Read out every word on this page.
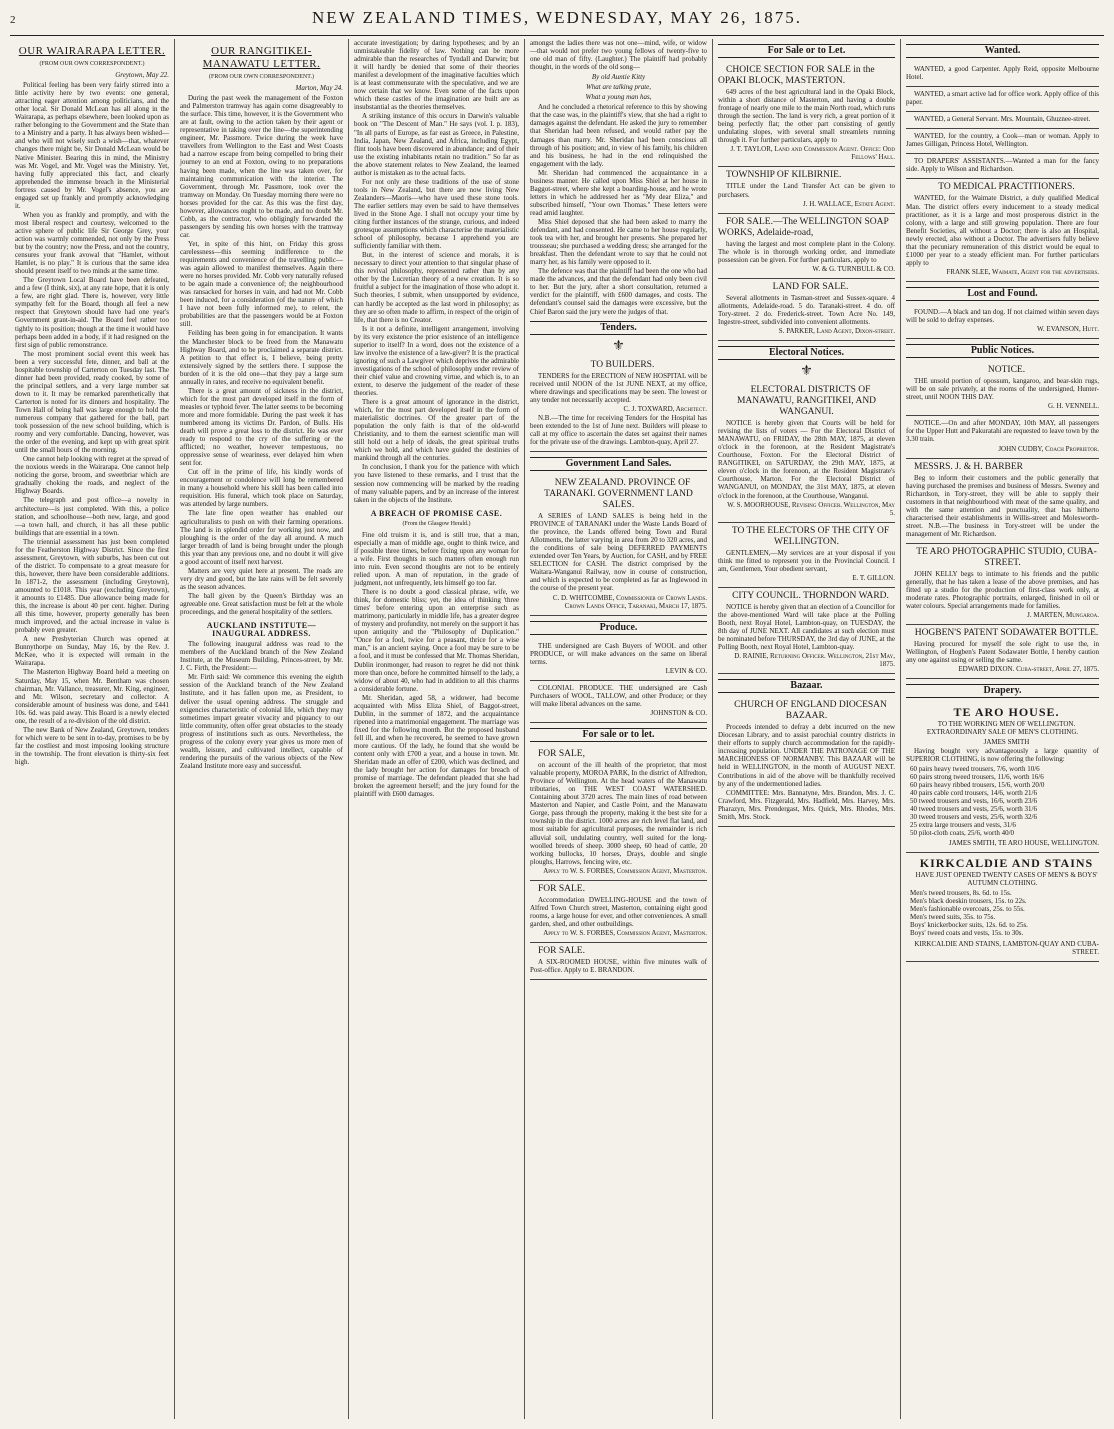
2	NEW ZEALAND TIMES, WEDNESDAY, MAY 26, 1875.
OUR WAIRARAPA LETTER.
(FROM OUR OWN CORRESPONDENT.)
Greytown, May 22.

Political feeling has been very fairly stirred into a little activity here by two events: one general, attracting eager attention among politicians, and the other local. Sir Donald McLean has all along in the Wairarapa, as perhaps elsewhere, been looked upon as rather belonging to the Government and the State than to a Ministry and a party. It has always been wished—and who will not wisely such a wish—that, whatever changes there might be, Sir Donald McLean would be Native Minister. Bearing this in mind, the Ministry was Mr. Vogel, and Mr. Vogel was the Ministry. Yet, having fully appreciated this fact, and clearly apprehended the immense breach in the Ministerial fortress caused by Mr. Vogel's absence, you are engaged set up frankly and promptly acknowledging it.

When you as frankly and promptly, and with the most liberal respect and courtesy, welcomed to the active sphere of public life Sir George Grey, your action was warmly commended, not only by the Press but by the country; now the Press, and not the country, censures your frank avowal that "Hamlet, without Hamlet, is no play." It is curious that the same idea should present itself to two minds at the same time.

The Greytown Local Board have been defeated, and a few (I think, six), at any rate hope, that it is only a few, are right glad. There is, however, very little sympathy felt for the Board, though all feel a new respect that Greytown should have had one year's Government grant-in-aid. The Board feel rather too tightly to its position; though at the time it would have perhaps been added in a body, if it had resigned on the first sign of public remonstrance.

The most prominent social event this week has been a very successful fete, dinner, and ball at the hospitable township of Carterton on Tuesday last. The dinner had been provided, ready cooked, by some of the principal settlers, and a very large number sat down to it. It may be remarked parenthetically that Carterton is noted for its dinners and hospitality. The Town Hall of being hall was large enough to hold the numerous company that gathered for the ball, part took possession of the new school building, which is roomy and very comfortable. Dancing, however, was the order of the evening, and kept up with great spirit until the small hours of the morning.

One cannot help looking with regret at the spread of the noxious weeds in the Wairarapa. One cannot help noticing the gorse, broom, and sweetbriar which are gradually choking the roads, and neglect of the Highway Boards.

The telegraph and post office—a novelty in architecture—is just completed. With this, a police station, and schoolhouse—both new, large, and good—a town hall, and church, it has all these public buildings that are essential in a town.

The triennial assessment has just been completed for the Featherston Highway District. Since the first assessment, Greytown, with suburbs, has been cut out of the district. To compensate to a great measure for this, however, there have been considerable additions. In 1871-2, the assessment (including Greytown), amounted to £1018. This year (excluding Greytown), it amounts to £1485. Due allowance being made for this, the increase is about 40 per cent. higher. During all this time, however, property generally has been much improved, and the actual increase in value is probably even greater.

A new Presbyterian Church was opened at Bunnythorpe on Sunday, May 16, by the Rev. J. McKee, who it is expected will remain in the Wairarapa.

The Masterton Highway Board held a meeting on Saturday, May 15, when Mr. Bentham was chosen chairman, Mr. Vallance, treasurer, Mr. King, engineer, and Mr. Wilson, secretary and collector. A considerable amount of business was done, and £441 10s. 6d. was paid away. This Board is a newly elected one, the result of a re-division of the old district.

The new Bank of New Zealand, Greytown, tenders for which were to be sent in to-day, promises to be by far the costliest and most imposing looking structure in the township. The front elevation is thirty-six feet high.

OUR RANGITIKEI-MANAWATU LETTER.
(FROM OUR OWN CORRESPONDENT.)
Marton, May 24.

During the past week the management of the Foxton and Palmerston tramway has again come disagreeably to the surface. This time, however, it is the Government who are at fault, owing to the action taken by their agent or representative in taking over the line—the superintending engineer, Mr. Passmore. Twice during the week have travellers from Wellington to the East and West Coasts had a narrow escape from being compelled to bring their journey to an end at Foxton, owing to no preparations having been made, when the line was taken over, for maintaining communication with the interior. The Government, through Mr. Passmore, took over the tramway on Monday. On Tuesday morning there were no horses provided for the car. As this was the first day, however, allowances ought to be made, and no doubt Mr. Cobb, as the contractor, who obligingly forwarded the passengers by sending his own horses with the tramway car.

Yet, in spite of this hint, on Friday this gross carelessness—this seeming indifference to the requirements and convenience of the travelling public—was again allowed to manifest themselves. Again there were no horses provided. Mr. Cobb very naturally refused to be again made a convenience of; the neighbourhood was ransacked for horses in vain, and had not Mr. Cobb been induced, for a consideration (of the nature of which I have not been fully informed me), to relent, the probabilities are that the passengers would be at Foxton still.

Feilding has been going in for emancipation. It wants the Manchester block to be freed from the Manawatu Highway Board, and to be proclaimed a separate district. A petition to that effect is, I believe, being pretty extensively signed by the settlers there. I suppose the burden of it is the old one—that they pay a large sum annually in rates, and receive no equivalent benefit.

There is a great amount of sickness in the district, which for the most part developed itself in the form of measles or typhoid fever. The latter seems to be becoming more and more formidable. During the past week it has numbered among its victims Dr. Pardon, of Bulls. His death will prove a great loss to the district. He was ever ready to respond to the cry of the suffering or the afflicted; no weather, however tempestuous, no oppressive sense of weariness, ever delayed him when sent for.

Cut off in the prime of life, his kindly words of encouragement or condolence will long be remembered in many a household where his skill has been called into requisition. His funeral, which took place on Saturday, was attended by large numbers.

The late fine open weather has enabled our agriculturalists to push on with their farming operations. The land is in splendid order for working just now, and ploughing is the order of the day all around. A much larger breadth of land is being brought under the plough this year than any previous one, and no doubt it will give a good account of itself next harvest.

Matters are very quiet here at present. The roads are very dry and good, but the late rains will be felt severely as the season advances.

The ball given by the Queen's Birthday was an agreeable one. Great satisfaction must be felt at the whole proceedings, and the general hospitality of the settlers.

AUCKLAND INSTITUTE—INAUGURAL ADDRESS.

The following inaugural address was read to the members of the Auckland branch of the New Zealand Institute, at the Museum Building, Princes-street, by Mr. J. C. Firth, the President:—

Mr. Firth said: We commence this evening the eighth session of the Auckland branch of the New Zealand Institute, and it has fallen upon me, as President, to deliver the usual opening address. The struggle and exigencies characteristic of colonial life, which they may sometimes impart greater vivacity and piquancy to our little community, often offer great obstacles to the steady progress of institutions such as ours. Nevertheless, the progress of the colony every year gives us more men of wealth, leisure, and cultivated intellect, capable of rendering the pursuits of the various objects of the New Zealand Institute more easy and successful.

accurate investigation; by daring hypotheses; and by an unmistakeable fidelity of law. Nothing can be more admirable than the researches of Tyndall and Darwin; but it will hardly be denied that some of their theories manifest a development of the imaginative faculties which is at least commensurate with the speculative, and we are now certain that we know. Even some of the facts upon which these castles of the imagination are built are as insubstantial as the theories themselves.

A striking instance of this occurs in Darwin's valuable book on "The Descent of Man." He says (vol. I. p. 183), "In all parts of Europe, as far east as Greece, in Palestine, India, Japan, New Zealand, and Africa, including Egypt, flint tools have been discovered in abundance; and of their use the existing inhabitants retain no tradition." So far as the above statement relates to New Zealand, the learned author is mistaken as to the actual facts.

For not only are these traditions of the use of stone tools in New Zealand, but there are now living New Zealanders—Maoris—who have used these stone tools. The earlier settlers may even be said to have themselves lived in the Stone Age. I shall not occupy your time by citing further instances of the strange, curious, and indeed grotesque assumptions which characterise the materialistic school of philosophy, because I apprehend you are sufficiently familiar with them.

But, in the interest of science and morals, it is necessary to direct your attention to that singular phase of this revival philosophy, represented rather than by any other by the Lucretian theory of a new creation. It is so fruitful a subject for the imagination of those who adopt it. Such theories, I submit, when unsupported by evidence, can hardly be accepted as the last word in philosophy; as they are so often made to affirm, in respect of the origin of life, that there is no Creator.

Is it not a definite, intelligent arrangement, involving by its very existence the prior existence of an intelligence superior to itself? In a word, does not the existence of a law involve the existence of a law-giver? It is the practical ignoring of such a Lawgiver which deprives the admirable investigations of the school of philosophy under review of their chief value and crowning virtue, and which is, to an extent, to deserve the judgement of the reader of these theories.

There is a great amount of ignorance in the district, which, for the most part developed itself in the form of materialistic doctrines. Of the greater part of the population the only faith is that of the old-world Christianity, and to them the earnest scientific man will still hold out a help of ideals, the great spiritual truths which we hold, and which have guided the destinies of mankind through all the centuries.

In conclusion, I thank you for the patience with which you have listened to these remarks, and I trust that the session now commencing will be marked by the reading of many valuable papers, and by an increase of the interest taken in the objects of the Institute.

A BREACH OF PROMISE CASE.
(From the Glasgow Herald.)

Fine old truism it is, and is still true, that a man, especially a man of middle age, ought to think twice, and if possible three times, before fixing upon any woman for a wife. First thoughts in such matters often enough run into ruin. Even second thoughts are not to be entirely relied upon. A man of reputation, in the grade of judgment, not unfrequently, lets himself go too far.

There is no doubt a good classical phrase, wife, we think, for domestic bliss; yet, the idea of thinking 'three times' before entering upon an enterprise such as matrimony, particularly in middle life, has a greater degree of mystery and profundity, not merely on the support it has upon antiquity and the "Philosophy of Duplication." "Once for a fool, twice for a peasant, thrice for a wise man," is an ancient saying. Once a fool may be sure to be a fool, and it must be confessed that Mr. Thomas Sheridan, Dublin ironmonger, had reason to regret he did not think more than once, before he committed himself to the lady, a widow of about 40, who had in addition to all this charms a considerable fortune.

Mr. Sheridan, aged 58, a widower, had become acquainted with Miss Eliza Shiel, of Baggot-street, Dublin, in the summer of 1872, and the acquaintance ripened into a matrimonial engagement. The marriage was fixed for the following month. But the proposed husband fell ill, and when he recovered, he seemed to have grown more cautious. Of the lady, he found that she would be content only with £700 a year, and a house in town. Mr. Sheridan made an offer of £200, which was declined, and the lady brought her action for damages for breach of promise of marriage. The defendant pleaded that she had broken the agreement herself; and the jury found for the plaintiff with £600 damages.

amongst the ladies there was not one—mind, wife, or widow—that would not prefer two young fellows of twenty-five to one old man of fifty. (Laughter.) The plaintiff had probably thought, in the words of the old song—

By old Auntie Kitty

What are talking prate,

What a young man has,

And he concluded a rhetorical reference to this by showing that the case was, in the plaintiff's view, that she had a right to damages against the defendant. He asked the jury to remember that Sheridan had been refused, and would rather pay the damages than marry. Mr. Sheridan had been conscious all through of his position; and, in view of his family, his children and his business, he had in the end relinquished the engagement with the lady.

Mr. Sheridan had commenced the acquaintance in a business manner. He called upon Miss Shiel at her house in Baggot-street, where she kept a boarding-house, and he wrote letters in which he addressed her as "My dear Eliza," and subscribed himself, "Your own Thomas." These letters were read amid laughter.

Miss Shiel deposed that she had been asked to marry the defendant, and had consented. He came to her house regularly, took tea with her, and brought her presents. She prepared her trousseau; she purchased a wedding dress; she arranged for the breakfast. Then the defendant wrote to say that he could not marry her, as his family were opposed to it.

The defence was that the plaintiff had been the one who had made the advances, and that the defendant had only been civil to her. But the jury, after a short consultation, returned a verdict for the plaintiff, with £600 damages, and costs. The defendant's counsel said the damages were excessive, but the Chief Baron said the jury were the judges of that.

Tenders.
⚜

TO BUILDERS.

TENDERS for the ERECTION of NEW HOSPITAL will be received until NOON of the 1st JUNE NEXT, at my office, where drawings and specifications may be seen. The lowest or any tender not necessarily accepted.

C. J. TOXWARD, Architect.

N.B.—The time for receiving Tenders for the Hospital has been extended to the 1st of June next. Builders will please to call at my office to ascertain the dates set against their names for the private use of the drawings. Lambton-quay, April 27.

Government Land Sales.

NEW ZEALAND. PROVINCE OF TARANAKI. GOVERNMENT LAND SALES.

A SERIES of LAND SALES is being held in the PROVINCE of TARANAKI under the Waste Lands Board of the province, the Lands offered being Town and Rural Allotments, the latter varying in area from 20 to 320 acres, and the conditions of sale being DEFERRED PAYMENTS extended over Ten Years, by Auction, for CASH, and by FREE SELECTION for CASH. The district comprised by the Waitara-Wanganui Railway, now in course of construction, and which is expected to be completed as far as Inglewood in the course of the present year.

C. D. WHITCOMBE, Commissioner of Crown Lands. Crown Lands Office, Taranaki, March 17, 1875.

Produce.

THE undersigned are Cash Buyers of WOOL and other PRODUCE, or will make advances on the same on liberal terms.

LEVIN & CO.

COLONIAL PRODUCE. THE undersigned are Cash Purchasers of WOOL, TALLOW, and other Produce; or they will make liberal advances on the same.

JOHNSTON & CO.

For sale or to let.

FOR SALE,

on account of the ill health of the proprietor, that most valuable property, MOROA PARK, In the district of Alfredton, Province of Wellington. At the head waters of the Manawatu tributaries, on THE WEST COAST WATERSHED. Containing about 3720 acres. The main lines of road between Masterton and Napier, and Castle Point, and the Manawatu Gorge, pass through the property, making it the best site for a township in the district. 1000 acres are rich level flat land, and most suitable for agricultural purposes, the remainder is rich alluvial soil, undulating country, well suited for the long-woolled breeds of sheep. 3000 sheep, 60 head of cattle, 20 working bullocks, 10 horses, Drays, double and single ploughs, Harrows, fencing wire, etc.

Apply to W. S. FORBES, Commission Agent, Masterton.

FOR SALE.

Accommodation DWELLING-HOUSE and the town of Alfred Town Church street, Masterton, containing eight good rooms, a large house for ever, and other conveniences. A small garden, shed, and other outbuildings.

Apply to W. S. FORBES, Commission Agent, Masterton.

FOR SALE.

A SIX-ROOMED HOUSE, within five minutes walk of Post-office. Apply to E. BRANDON.

For Sale or to Let.

CHOICE SECTION FOR SALE in the OPAKI BLOCK, MASTERTON.

649 acres of the best agricultural land in the Opaki Block, within a short distance of Masterton, and having a double frontage of nearly one mile to the main North road, which runs through the section. The land is very rich, a great portion of it being perfectly flat; the other part consisting of gently undulating slopes, with several small streamlets running through it. For further particulars, apply to

J. T. TAYLOR, Land and Commission Agent. Office: Odd Fellows' Hall.

TOWNSHIP OF KILBIRNIE.

TITLE under the Land Transfer Act can be given to purchasers.

J. H. WALLACE, Estate Agent.

FOR SALE.—The WELLINGTON SOAP WORKS, Adelaide-road,

having the largest and most complete plant in the Colony. The whole is in thorough working order, and immediate possession can be given. For further particulars, apply to

W. & G. TURNBULL & CO.

LAND FOR SALE.

Several allotments in Tasman-street and Sussex-square. 4 allotments, Adelaide-road. 5 do. Taranaki-street. 4 do. off Tory-street. 2 do. Frederick-street. Town Acre No. 149, Ingestre-street, subdivided into convenient allotments.

S. PARKER, Land Agent, Dixon-street.

Electoral Notices.
⚜

ELECTORAL DISTRICTS OF MANAWATU, RANGITIKEI, AND WANGANUI.

NOTICE is hereby given that Courts will be held for revising the lists of voters — For the Electoral District of MANAWATU, on FRIDAY, the 28th MAY, 1875, at eleven o'clock in the forenoon, at the Resident Magistrate's Courthouse, Foxton. For the Electoral District of RANGITIKEI, on SATURDAY, the 29th MAY, 1875, at eleven o'clock in the forenoon, at the Resident Magistrate's Courthouse, Marton. For the Electoral District of WANGANUI, on MONDAY, the 31st MAY, 1875, at eleven o'clock in the forenoon, at the Courthouse, Wanganui.

W. S. MOORHOUSE, Revising Officer. Wellington, May 5.

TO THE ELECTORS OF THE CITY OF WELLINGTON.

GENTLEMEN,—My services are at your disposal if you think me fitted to represent you in the Provincial Council. I am, Gentlemen, Your obedient servant,

E. T. GILLON.

CITY COUNCIL. THORNDON WARD.

NOTICE is hereby given that an election of a Councillor for the above-mentioned Ward will take place at the Polling Booth, next Royal Hotel, Lambton-quay, on TUESDAY, the 8th day of JUNE NEXT. All candidates at such election must be nominated before THURSDAY, the 3rd day of JUNE, at the Polling Booth, next Royal Hotel, Lambton-quay.

D. RAINIE, Returning Officer. Wellington, 21st May, 1875.

Bazaar.

CHURCH OF ENGLAND DIOCESAN BAZAAR.

Proceeds intended to defray a debt incurred on the new Diocesan Library, and to assist parochial country districts in their efforts to supply church accommodation for the rapidly-increasing population. UNDER THE PATRONAGE OF THE MARCHIONESS OF NORMANBY. This BAZAAR will be held in WELLINGTON, in the month of AUGUST NEXT. Contributions in aid of the above will be thankfully received by any of the undermentioned ladies.

COMMITTEE: Mrs. Bannatyne, Mrs. Brandon, Mrs. J. C. Crawford, Mrs. Fitzgerald, Mrs. Hadfield, Mrs. Harvey, Mrs. Pharazyn, Mrs. Prendergast, Mrs. Quick, Mrs. Rhodes, Mrs. Smith, Mrs. Stock.

Wanted.

WANTED, a good Carpenter. Apply Reid, opposite Melbourne Hotel.

WANTED, a smart active lad for office work. Apply office of this paper.

WANTED, a General Servant. Mrs. Mountain, Ghuznee-street.

WANTED, for the country, a Cook—man or woman. Apply to James Gilligan, Princess Hotel, Wellington.

TO DRAPERS' ASSISTANTS.—Wanted a man for the fancy side. Apply to Wilson and Richardson.

TO MEDICAL PRACTITIONERS.

WANTED, for the Waimate District, a duly qualified Medical Man. The district offers every inducement to a steady medical practitioner, as it is a large and most prosperous district in the colony, with a large and still growing population. There are four Benefit Societies, all without a Doctor; there is also an Hospital, newly erected, also without a Doctor. The advertisers fully believe that the pecuniary remuneration of this district would be equal to £1000 per year to a steady efficient man. For further particulars apply to

FRANK SLEE, Waimate, Agent for the advertisers.

Lost and Found.

FOUND.—A black and tan dog. If not claimed within seven days will be sold to defray expenses.

W. EVANSON, Hutt.

Public Notices.

NOTICE.

THE unsold portion of opossum, kangaroo, and bear-skin rugs, will be on sale privately, at the rooms of the undersigned, Hunter-street, until NOON THIS DAY.

G. H. VENNELL.

NOTICE.—On and after MONDAY, 10th MAY, all passengers for the Upper Hutt and Pakuratahi are requested to leave town by the 3.30 train.

JOHN CUDBY, Coach Proprietor.

MESSRS. J. & H. BARBER

Beg to inform their customers and the public generally that having purchased the premises and business of Messrs. Sweney and Richardson, in Tory-street, they will be able to supply their customers in that neighbourhood with meat of the same quality, and with the same attention and punctuality, that has hitherto characterised their establishments in Willis-street and Molesworth-street. N.B.—The business in Tory-street will be under the management of Mr. Richardson.

TE ARO PHOTOGRAPHIC STUDIO, CUBA-STREET.

JOHN KELLY begs to intimate to his friends and the public generally, that he has taken a lease of the above premises, and has fitted up a studio for the production of first-class work only, at moderate rates. Photographic portraits, enlarged, finished in oil or water colours. Special arrangements made for families.

J. MARTEN, Mungaroa.

HOGBEN'S PATENT SODAWATER BOTTLE.

Having procured for myself the sole right to use the, in Wellington, of Hogben's Patent Sodawater Bottle, I hereby caution any one against using or selling the same.

EDWARD DIXON. Cuba-street, April 27, 1875.

Drapery.

TE ARO HOUSE.

TO THE WORKING MEN OF WELLINGTON. EXTRAORDINARY SALE OF MEN'S CLOTHING.

JAMES SMITH

Having bought very advantageously a large quantity of SUPERIOR CLOTHING, is now offering the following:

60 pairs heavy tweed trousers, 7/6, worth 10/6
60 pairs strong tweed trousers, 11/6, worth 16/6
60 pairs heavy ribbed trousers, 15/6, worth 20/0
40 pairs cable cord trousers, 14/6, worth 21/6
50 tweed trousers and vests, 16/6, worth 23/6
40 tweed trousers and vests, 25/6, worth 31/6
30 tweed trousers and vests, 25/6, worth 32/6
25 extra large trousers and vests, 31/6
50 pilot-cloth coats, 25/6, worth 40/0

JAMES SMITH, TE ARO HOUSE, WELLINGTON.

KIRKCALDIE AND STAINS

HAVE JUST OPENED TWENTY CASES OF MEN'S & BOYS' AUTUMN CLOTHING.

Men's tweed trousers, 8s. 6d. to 15s.
Men's black doeskin trousers, 15s. to 22s.
Men's fashionable overcoats, 25s. to 55s.
Men's tweed suits, 35s. to 75s.
Boys' knickerbocker suits, 12s. 6d. to 25s.
Boys' tweed coats and vests, 15s. to 30s.

KIRKCALDIE AND STAINS, LAMBTON-QUAY AND CUBA-STREET.
